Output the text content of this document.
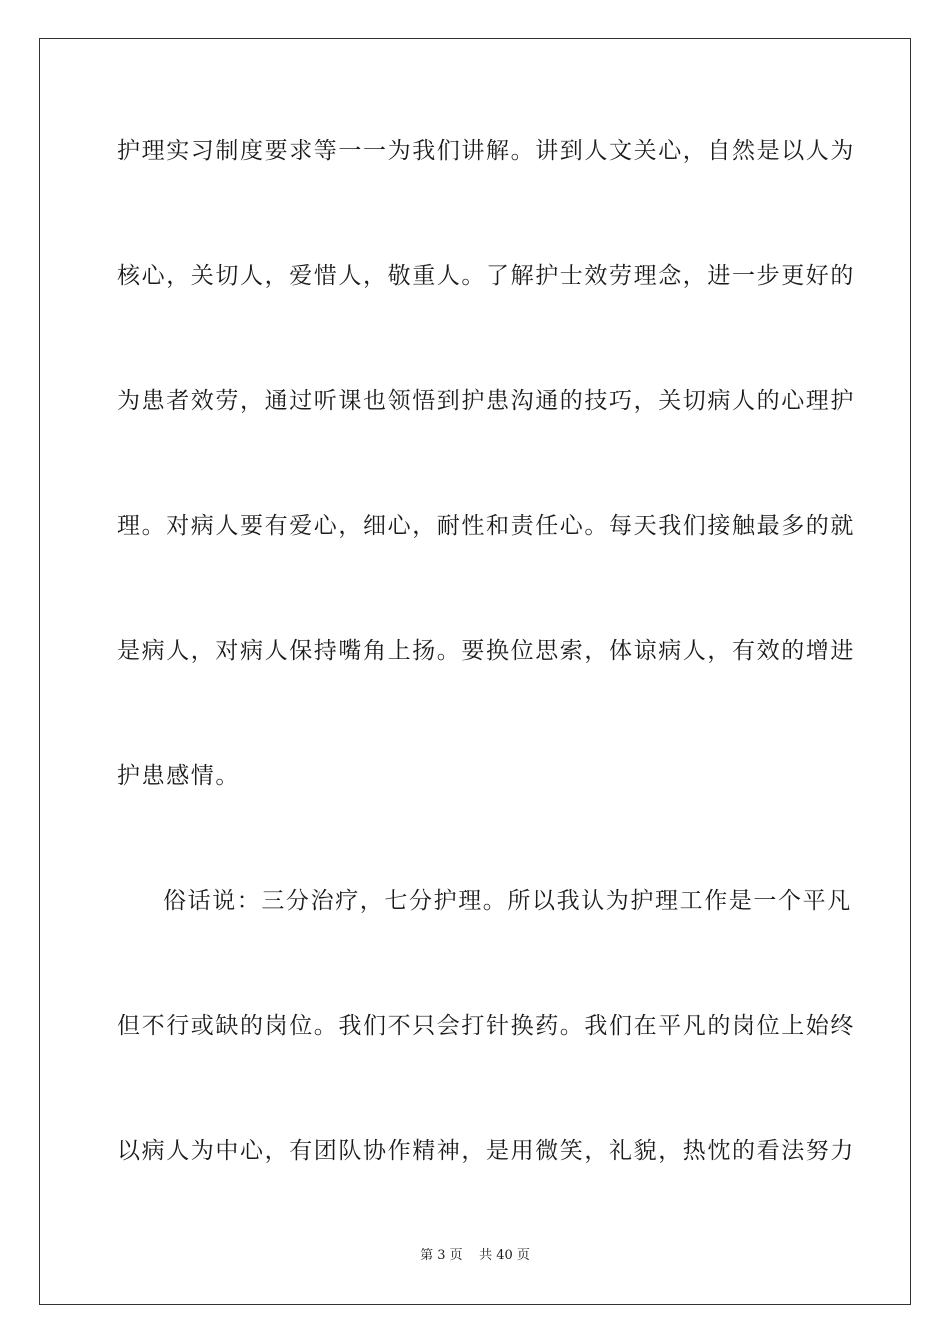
护理实习制度要求等一一为我们讲解。讲到人文关心，自然是以人为
核心，关切人，爱惜人，敬重人。了解护士效劳理念，进一步更好的
为患者效劳，通过听课也领悟到护患沟通的技巧，关切病人的心理护
理。对病人要有爱心，细心，耐性和责任心。每天我们接触最多的就
是病人，对病人保持嘴角上扬。要换位思索，体谅病人，有效的增进
护患感情。
俗话说：三分治疗，七分护理。所以我认为护理工作是一个平凡
但不行或缺的岗位。我们不只会打针换药。我们在平凡的岗位上始终
以病人为中心，有团队协作精神，是用微笑，礼貌，热忱的看法努力
第 3 页    共 40 页
